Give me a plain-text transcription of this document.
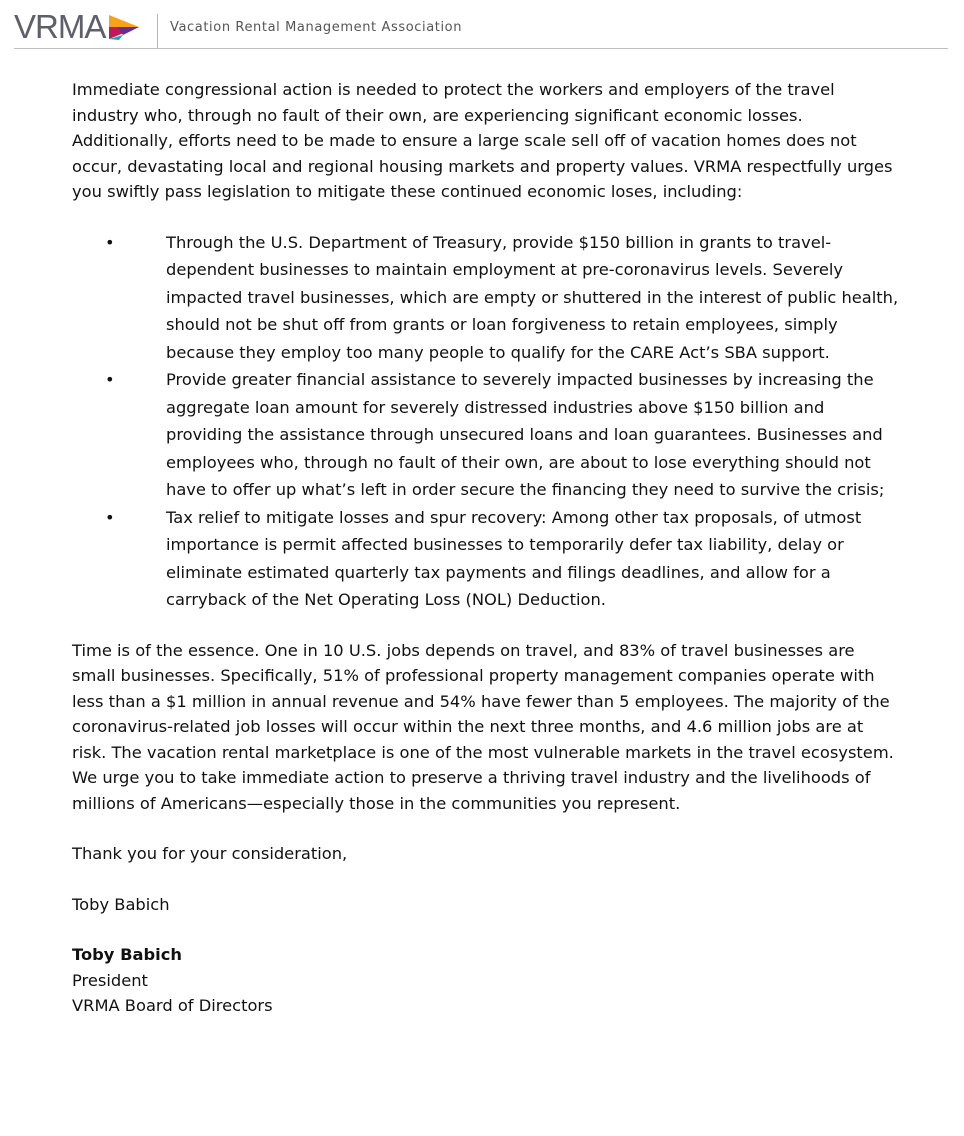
VRMA	Vacation Rental Management Association

Immediate congressional action is needed to protect the workers and employers of the travel industry who, through no fault of their own, are experiencing significant economic losses. Additionally, efforts need to be made to ensure a large scale sell off of vacation homes does not occur, devastating local and regional housing markets and property values. VRMA respectfully urges you swiftly pass legislation to mitigate these continued economic loses, including:

•	Through the U.S. Department of Treasury, provide $150 billion in grants to travel-dependent businesses to maintain employment at pre-coronavirus levels. Severely impacted travel businesses, which are empty or shuttered in the interest of public health, should not be shut off from grants or loan forgiveness to retain employees, simply because they employ too many people to qualify for the CARE Act’s SBA support.
•	Provide greater financial assistance to severely impacted businesses by increasing the aggregate loan amount for severely distressed industries above $150 billion and providing the assistance through unsecured loans and loan guarantees. Businesses and employees who, through no fault of their own, are about to lose everything should not have to offer up what’s left in order secure the financing they need to survive the crisis;
•	Tax relief to mitigate losses and spur recovery: Among other tax proposals, of utmost importance is permit affected businesses to temporarily defer tax liability, delay or eliminate estimated quarterly tax payments and filings deadlines, and allow for a carryback of the Net Operating Loss (NOL) Deduction.

Time is of the essence. One in 10 U.S. jobs depends on travel, and 83% of travel businesses are small businesses. Specifically, 51% of professional property management companies operate with less than a $1 million in annual revenue and 54% have fewer than 5 employees. The majority of the coronavirus-related job losses will occur within the next three months, and 4.6 million jobs are at risk. The vacation rental marketplace is one of the most vulnerable markets in the travel ecosystem. We urge you to take immediate action to preserve a thriving travel industry and the livelihoods of millions of Americans—especially those in the communities you represent.

Thank you for your consideration,

Toby Babich

Toby Babich

President

VRMA Board of Directors
